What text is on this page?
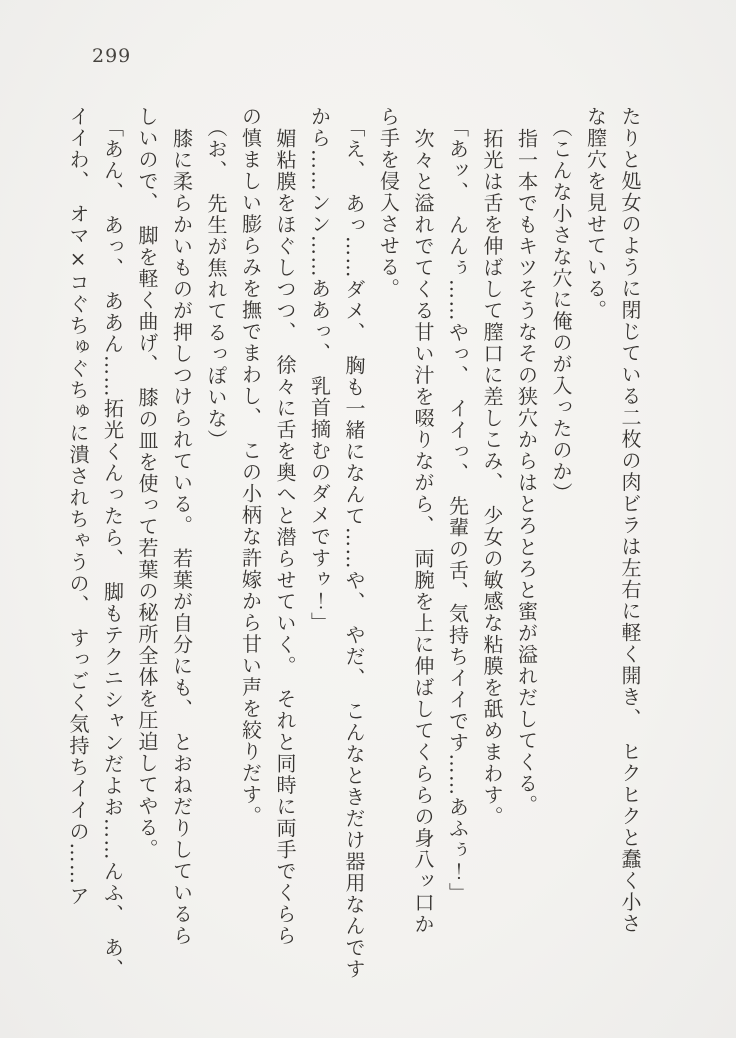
299
たりと処女のように閉じている二枚の肉ビラは左右に軽く開き、　ヒクヒクと蠢く小さ
な膣穴を見せている。
（こんな小さな穴に俺のが入ったのか）
指一本でもキツそうなその狭穴からはとろとろと蜜が溢れだしてくる。
拓光は舌を伸ばして膣口に差しこみ、　少女の敏感な粘膜を舐めまわす。
「あッ、　んんぅ……やっ、　イイっ、　先輩の舌、気持ちイイです……あふぅ！」
次々と溢れでてくる甘い汁を啜りながら、　両腕を上に伸ばしてくららの身八ッ口か
ら手を侵入させる。
「え、　あっ……ダメ、　胸も一緒になんて……や、　やだ、　こんなときだけ器用なんです
から……ンン……ああっ、　乳首摘むのダメですゥ！」
媚粘膜をほぐしつつ、　徐々に舌を奥へと潜らせていく。　それと同時に両手でくらら
の慎ましい膨らみを撫でまわし、　この小柄な許嫁から甘い声を絞りだす。
（お、　先生が焦れてるっぽいな）
膝に柔らかいものが押しつけられている。　若葉が自分にも、　とおねだりしているら
しいので、　脚を軽く曲げ、　膝の皿を使って若葉の秘所全体を圧迫してやる。
「あん、　あっ、　ああん……拓光くんったら、　脚もテクニシャンだよお……んふ、　あ、
イイわ、　オマ×コぐちゅぐちゅに潰されちゃうの、　すっごく気持ちイイの……ア
